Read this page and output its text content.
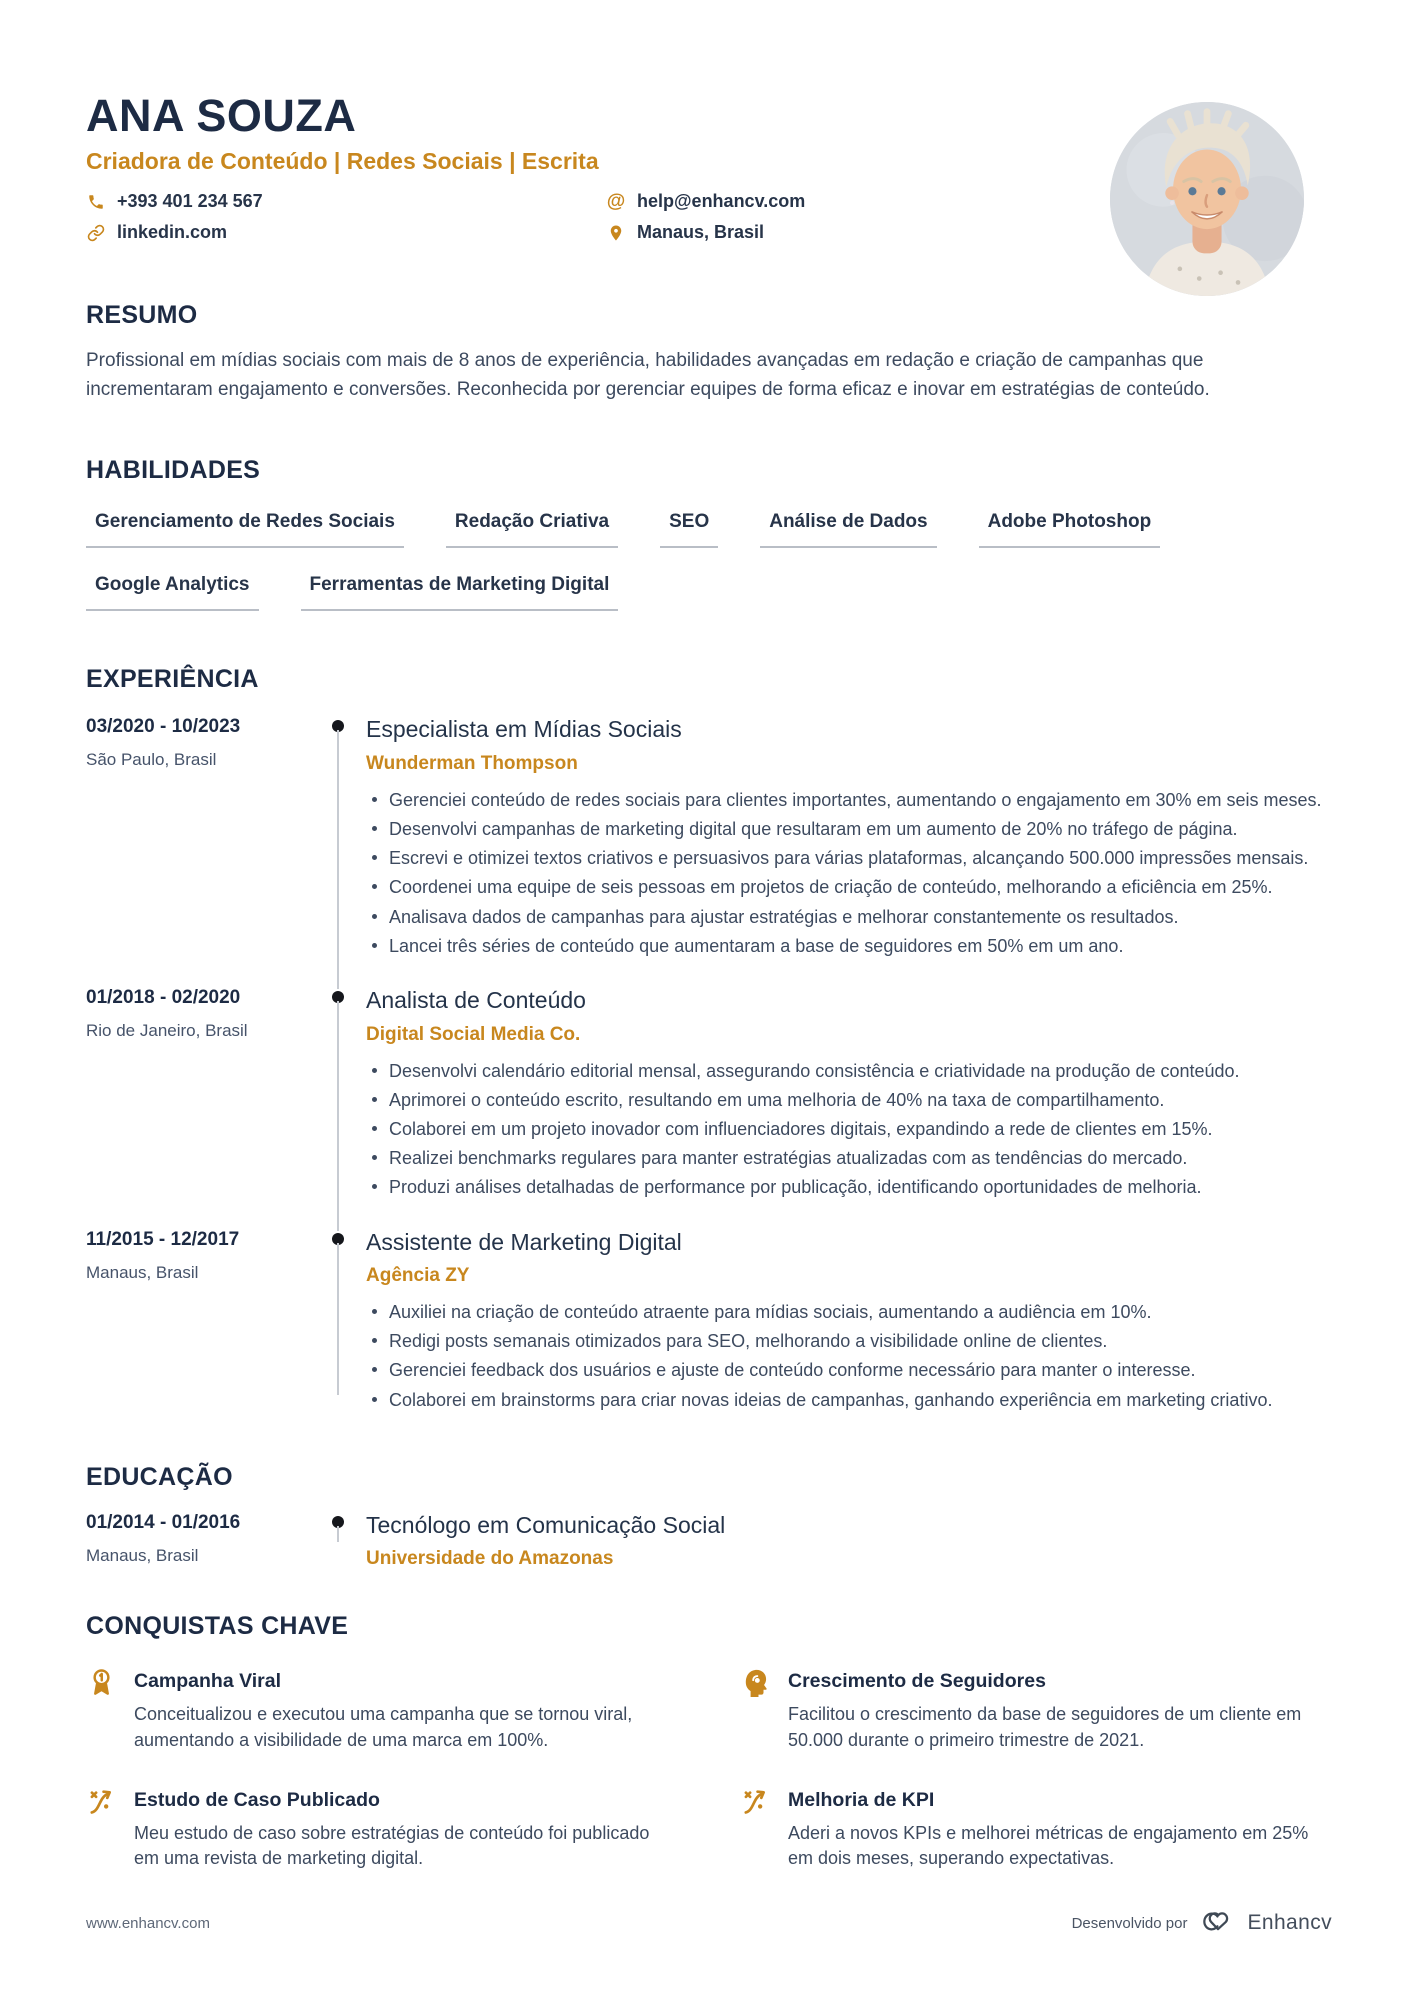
ANA SOUZA
Criadora de Conteúdo | Redes Sociais | Escrita
+393 401 234 567	@ help@enhancv.com
linkedin.com	Manaus, Brasil
RESUMO

Profissional em mídias sociais com mais de 8 anos de experiência, habilidades avançadas em redação e criação de campanhas que incrementaram engajamento e conversões. Reconhecida por gerenciar equipes de forma eficaz e inovar em estratégias de conteúdo.

HABILIDADES
Gerenciamento de Redes Sociais	Redação Criativa	SEO	Análise de Dados	Adobe Photoshop
Google Analytics	Ferramentas de Marketing Digital
EXPERIÊNCIA
03/2020 - 10/2023
São Paulo, Brasil
Especialista em Mídias Sociais
Wunderman Thompson
Gerenciei conteúdo de redes sociais para clientes importantes, aumentando o engajamento em 30% em seis meses.
Desenvolvi campanhas de marketing digital que resultaram em um aumento de 20% no tráfego de página.
Escrevi e otimizei textos criativos e persuasivos para várias plataformas, alcançando 500.000 impressões mensais.
Coordenei uma equipe de seis pessoas em projetos de criação de conteúdo, melhorando a eficiência em 25%.
Analisava dados de campanhas para ajustar estratégias e melhorar constantemente os resultados.
Lancei três séries de conteúdo que aumentaram a base de seguidores em 50% em um ano.
01/2018 - 02/2020
Rio de Janeiro, Brasil
Analista de Conteúdo
Digital Social Media Co.
Desenvolvi calendário editorial mensal, assegurando consistência e criatividade na produção de conteúdo.
Aprimorei o conteúdo escrito, resultando em uma melhoria de 40% na taxa de compartilhamento.
Colaborei em um projeto inovador com influenciadores digitais, expandindo a rede de clientes em 15%.
Realizei benchmarks regulares para manter estratégias atualizadas com as tendências do mercado.
Produzi análises detalhadas de performance por publicação, identificando oportunidades de melhoria.
11/2015 - 12/2017
Manaus, Brasil
Assistente de Marketing Digital
Agência ZY
Auxiliei na criação de conteúdo atraente para mídias sociais, aumentando a audiência em 10%.
Redigi posts semanais otimizados para SEO, melhorando a visibilidade online de clientes.
Gerenciei feedback dos usuários e ajuste de conteúdo conforme necessário para manter o interesse.
Colaborei em brainstorms para criar novas ideias de campanhas, ganhando experiência em marketing criativo.
EDUCAÇÃO
01/2014 - 01/2016
Manaus, Brasil
Tecnólogo em Comunicação Social
Universidade do Amazonas
CONQUISTAS CHAVE
Campanha Viral
Conceitualizou e executou uma campanha que se tornou viral, aumentando a visibilidade de uma marca em 100%.
Crescimento de Seguidores
Facilitou o crescimento da base de seguidores de um cliente em 50.000 durante o primeiro trimestre de 2021.
Estudo de Caso Publicado
Meu estudo de caso sobre estratégias de conteúdo foi publicado em uma revista de marketing digital.
Melhoria de KPI
Aderi a novos KPIs e melhorei métricas de engajamento em 25% em dois meses, superando expectativas.
www.enhancv.com	Desenvolvido por	Enhancv
